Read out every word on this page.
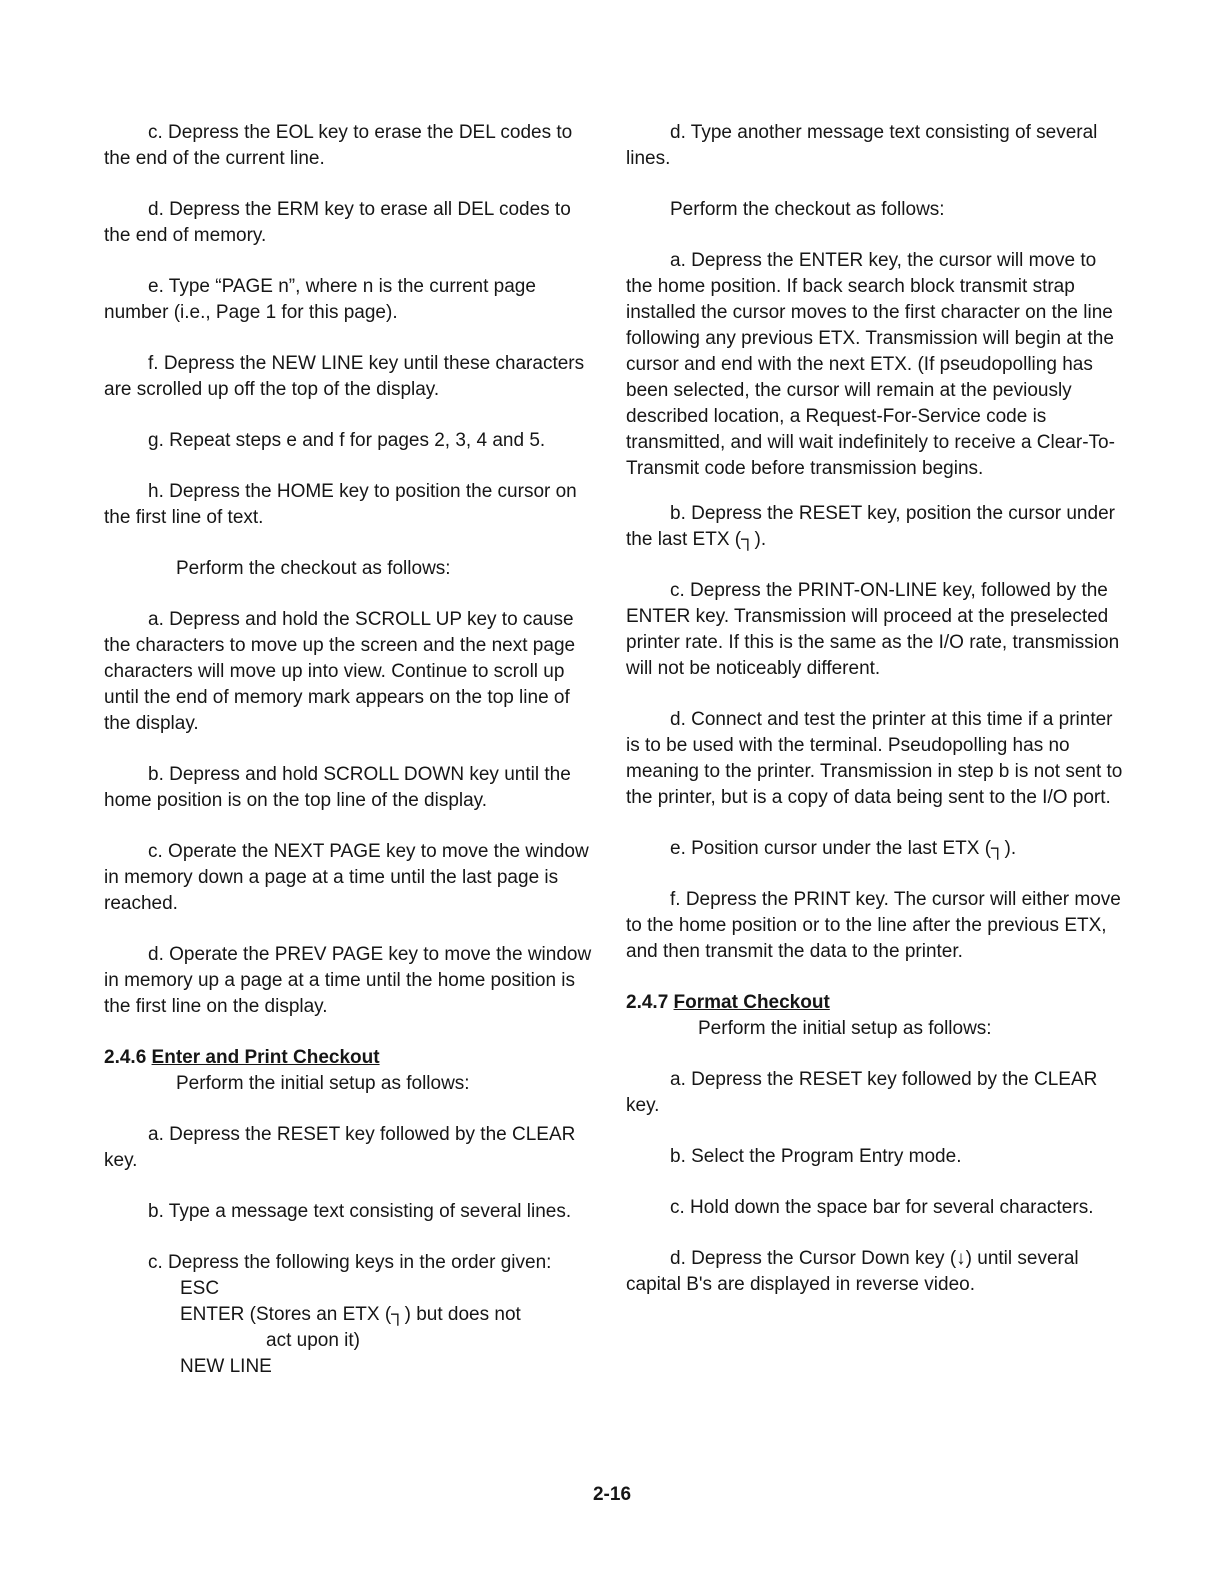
c. Depress the EOL key to erase the DEL codes to the end of the current line.

d. Depress the ERM key to erase all DEL codes to the end of memory.

e. Type “PAGE n”, where n is the current page number (i.e., Page 1 for this page).

f. Depress the NEW LINE key until these characters are scrolled up off the top of the display.

g. Repeat steps e and f for pages 2, 3, 4 and 5.

h. Depress the HOME key to position the cursor on the first line of text.

Perform the checkout as follows:

a. Depress and hold the SCROLL UP key to cause the characters to move up the screen and the next page characters will move up into view. Continue to scroll up until the end of memory mark appears on the top line of the display.

b. Depress and hold SCROLL DOWN key until the home position is on the top line of the display.

c. Operate the NEXT PAGE key to move the window in memory down a page at a time until the last page is reached.

d. Operate the PREV PAGE key to move the window in memory up a page at a time until the home position is the first line on the display.

2.4.6 Enter and Print Checkout

Perform the initial setup as follows:

a. Depress the RESET key followed by the CLEAR key.

b. Type a message text consisting of several lines.

c. Depress the following keys in the order given:

ESC
ENTER (Stores an ETX (┐) but does not
act upon it)
NEW LINE

d. Type another message text consisting of several lines.

Perform the checkout as follows:

a. Depress the ENTER key, the cursor will move to the home position. If back search block transmit strap installed the cursor moves to the first character on the line following any previous ETX. Transmission will begin at the cursor and end with the next ETX. (If pseudopolling has been selected, the cursor will remain at the peviously described location, a Request-For-Service code is transmitted, and will wait indefinitely to receive a Clear-To-Transmit code before transmission begins.

b. Depress the RESET key, position the cursor under the last ETX (┐).

c. Depress the PRINT-ON-LINE key, followed by the ENTER key. Transmission will proceed at the preselected printer rate. If this is the same as the I/O rate, transmission will not be noticeably different.

d. Connect and test the printer at this time if a printer is to be used with the terminal. Pseudopolling has no meaning to the printer. Transmission in step b is not sent to the printer, but is a copy of data being sent to the I/O port.

e. Position cursor under the last ETX (┐).

f. Depress the PRINT key. The cursor will either move to the home position or to the line after the previous ETX, and then transmit the data to the printer.

2.4.7 Format Checkout

Perform the initial setup as follows:

a. Depress the RESET key followed by the CLEAR key.

b. Select the Program Entry mode.

c. Hold down the space bar for several characters.

d. Depress the Cursor Down key (↓) until several capital B's are displayed in reverse video.

2-16
